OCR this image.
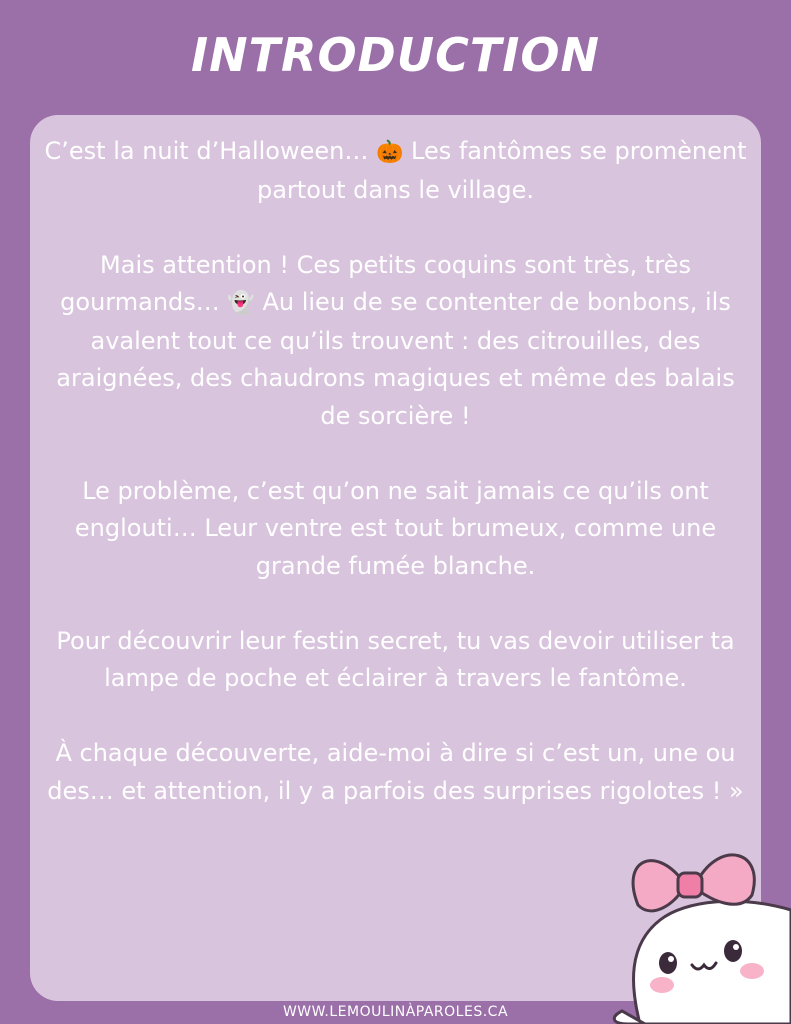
INTRODUCTION

C’est la nuit d’Halloween… 🎃 Les fantômes se promènent partout dans le village.

Mais attention ! Ces petits coquins sont très, très gourmands… 👻 Au lieu de se contenter de bonbons, ils avalent tout ce qu’ils trouvent : des citrouilles, des araignées, des chaudrons magiques et même des balais de sorcière !

Le problème, c’est qu’on ne sait jamais ce qu’ils ont englouti… Leur ventre est tout brumeux, comme une grande fumée blanche.

Pour découvrir leur festin secret, tu vas devoir utiliser ta lampe de poche et éclairer à travers le fantôme.

À chaque découverte, aide-moi à dire si c’est un, une ou des… et attention, il y a parfois des surprises rigolotes ! »

WWW.LEMOULINÀPAROLES.CA
